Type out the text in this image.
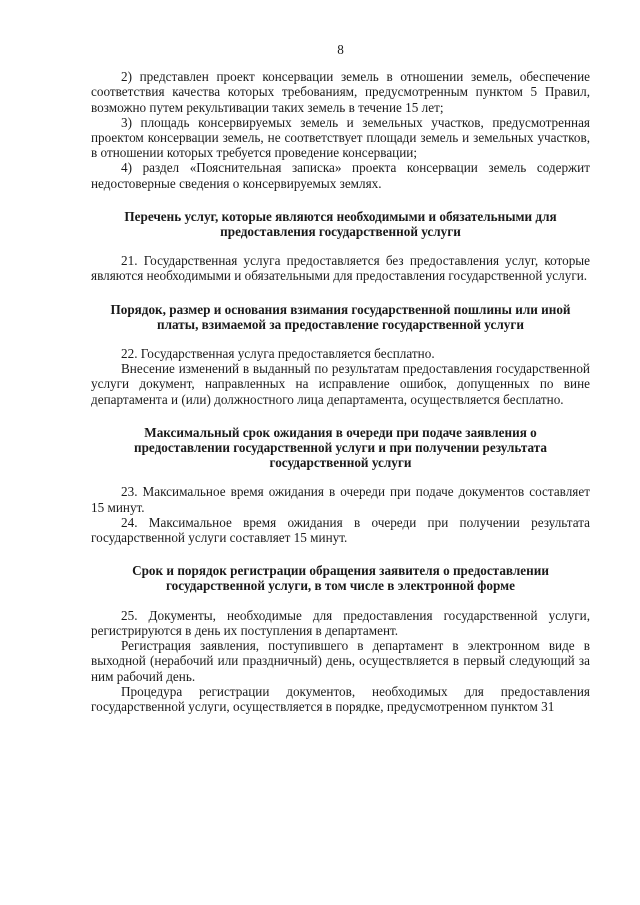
8

2) представлен проект консервации земель в отношении земель, обеспечение соответствия качества которых требованиям, предусмотренным пунктом 5 Правил, возможно путем рекультивации таких земель в течение 15 лет;

3) площадь консервируемых земель и земельных участков, предусмотренная проектом консервации земель, не соответствует площади земель и земельных участков, в отношении которых требуется проведение консервации;

4) раздел «Пояснительная записка» проекта консервации земель содержит недостоверные сведения о консервируемых землях.

Перечень услуг, которые являются необходимыми и обязательными для предоставления государственной услуги

21. Государственная услуга предоставляется без предоставления услуг, которые являются необходимыми и обязательными для предоставления государственной услуги.

Порядок, размер и основания взимания государственной пошлины или иной платы, взимаемой за предоставление государственной услуги

22. Государственная услуга предоставляется бесплатно.

Внесение изменений в выданный по результатам предоставления государственной услуги документ, направленных на исправление ошибок, допущенных по вине департамента и (или) должностного лица департамента, осуществляется бесплатно.

Максимальный срок ожидания в очереди при подаче заявления о предоставлении государственной услуги и при получении результата государственной услуги

23. Максимальное время ожидания в очереди при подаче документов составляет 15 минут.

24. Максимальное время ожидания в очереди при получении результата государственной услуги составляет 15 минут.

Срок и порядок регистрации обращения заявителя о предоставлении государственной услуги, в том числе в электронной форме

25. Документы, необходимые для предоставления государственной услуги, регистрируются в день их поступления в департамент.

Регистрация заявления, поступившего в департамент в электронном виде в выходной (нерабочий или праздничный) день, осуществляется в первый следующий за ним рабочий день.

Процедура регистрации документов, необходимых для предоставления государственной услуги, осуществляется в порядке, предусмотренном пунктом 31
